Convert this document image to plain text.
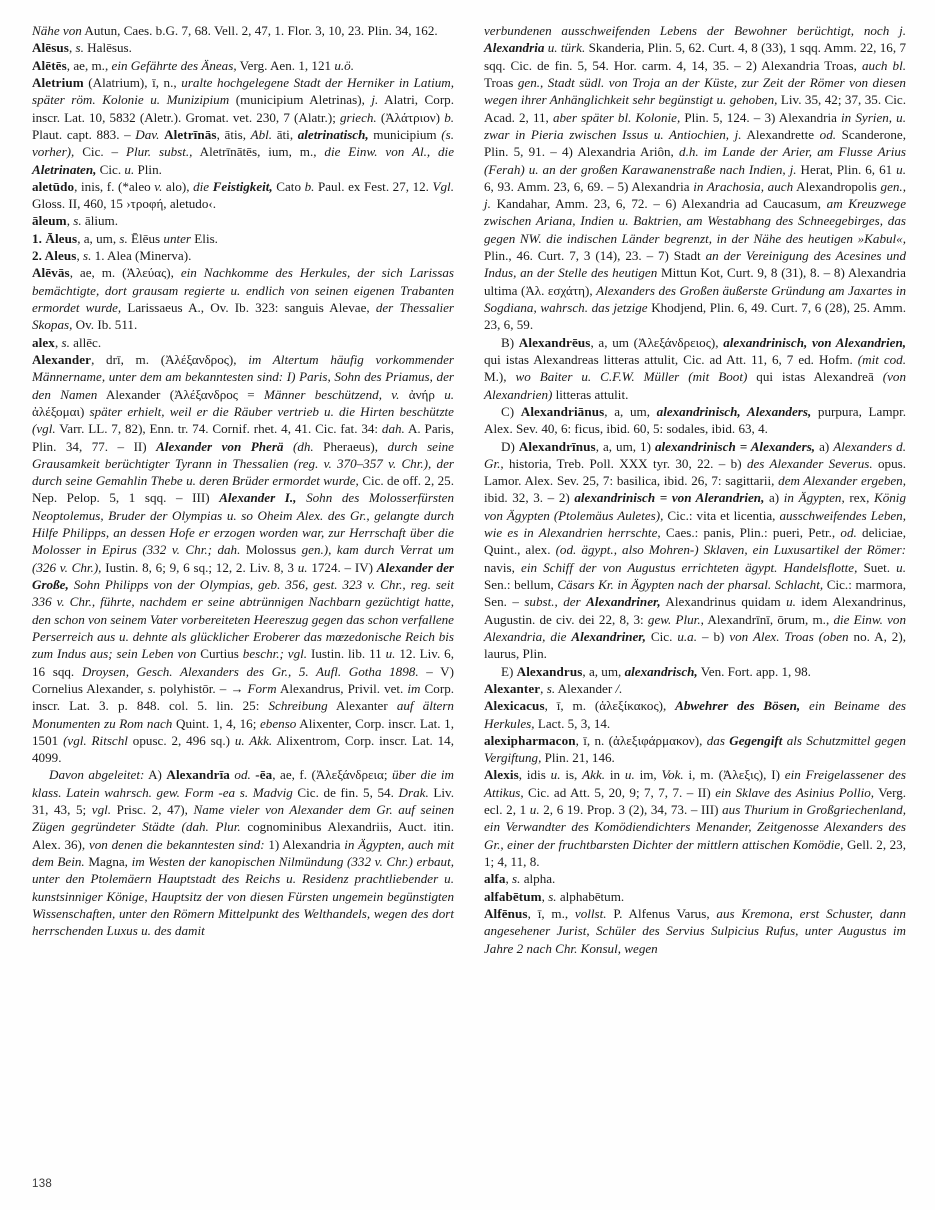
Nähe von Autun, Caes. b.G. 7, 68. Vell. 2, 47, 1. Flor. 3, 10, 23. Plin. 34, 162.

Alēsus, s. Halēsus.

Alētēs, ae, m., ein Gefährte des Äneas, Verg. Aen. 1, 121 u.ö.

Aletrium (Alatrium), ī, n., uralte hochgelegene Stadt der Herniker in Latium, später röm. Kolonie u. Munizipium (municipium Aletrinas), j. Alatri, Corp. inscr. Lat. 10, 5832 (Aletr.). Gromat. vet. 230, 7 (Alatr.); griech. (Ἀλάτριον) b. Plaut. capt. 883. – Dav. Aletrīnās, ātis, Abl. āti, aletrinatisch, municipium (s. vorher), Cic. – Plur. subst., Aletrīnātēs, ium, m., die Einw. von Al., die Aletrinaten, Cic. u. Plin.

aletūdo, inis, f. (*aleo v. alo), die Feistigkeit, Cato b. Paul. ex Fest. 27, 12. Vgl. Gloss. II, 460, 15 ›τροφή, aletudo‹.

āleum, s. ālium.

1. Āleus, a, um, s. Ēlēus unter Elis.

2. Aleus, s. 1. Alea (Minerva).

Alēvās, ae, m. (Ἀλεύας), ein Nachkomme des Herkules, der sich Larissas bemächtigte, dort grausam regierte u. endlich von seinen eigenen Trabanten ermordet wurde, Larissaeus A., Ov. Ib. 323: sanguis Alevae, der Thessalier Skopas, Ov. Ib. 511.

alex, s. allēc.

Alexander, drī, m. (Ἀλέξανδρος), im Altertum häufig vorkommender Männername, unter dem am bekanntesten sind: I) Paris, Sohn des Priamus, der den Namen Alexander (Ἀλέξανδρος = Männer beschützend, v. ἀνήρ u. ἀλέξομαι) später erhielt, weil er die Räuber vertrieb u. die Hirten beschützte (vgl. Varr. LL. 7, 82), Enn. tr. 74. Cornif. rhet. 4, 41. Cic. fat. 34: dah. A. Paris, Plin. 34, 77. – II) Alexander von Pherä (dh. Pheraeus), durch seine Grausamkeit berüchtigter Tyrann in Thessalien (reg. v. 370–357 v. Chr.), der durch seine Gemahlin Thebe u. deren Brüder ermordet wurde, Cic. de off. 2, 25. Nep. Pelop. 5, 1 sqq. – III) Alexander I., Sohn des Molosserfürsten Neoptolemus, Bruder der Olympias u. so Oheim Alex. des Gr., gelangte durch Hilfe Philipps, an dessen Hofe er erzogen worden war, zur Herrschaft über die Molosser in Epirus (332 v. Chr.; dah. Molossus gen.), kam durch Verrat um (326 v. Chr.), Iustin. 8, 6; 9, 6 sq.; 12, 2. Liv. 8, 3 u. 1724. – IV) Alexander der Große, Sohn Philipps von der Olympias, geb. 356, gest. 323 v. Chr., reg. seit 336 v. Chr., führte, nachdem er seine abtrünnigen Nachbarn gezüchtigt hatte, den schon von seinem Vater vorbereiteten Heereszug gegen das schon verfallene Perserreich aus u. dehnte als glücklicher Eroberer das mœzedonische Reich bis zum Indus aus; sein Leben von Curtius beschr.; vgl. Iustin. lib. 11 u. 12. Liv. 6, 16 sqq. Droysen, Gesch. Alexanders des Gr., 5. Aufl. Gotha 1898. – V) Cornelius Alexander, s. polyhistōr. – → Form Alexandrus, Privil. vet. im Corp. inscr. Lat. 3. p. 848. col. 5. lin. 25: Schreibung Alexanter auf ältern Monumenten zu Rom nach Quint. 1, 4, 16; ebenso Alixenter, Corp. inscr. Lat. 1, 1501 (vgl. Ritschl opusc. 2, 496 sq.) u. Akk. Alixentrom, Corp. inscr. Lat. 14, 4099.

Davon abgeleitet: A) Alexandrīa od. -ēa, ae, f. (Ἀλεξάνδρεια; über die im klass. Latein wahrsch. gew. Form -ea s. Madvig Cic. de fin. 5, 54. Drak. Liv. 31, 43, 5; vgl. Prisc. 2, 47), Name vieler von Alexander dem Gr. auf seinen Zügen gegründeter Städte (dah. Plur. cognominibus Alexandriis, Auct. itin. Alex. 36), von denen die bekanntesten sind: 1) Alexandria in Ägypten, auch mit dem Bein. Magna, im Westen der kanopischen Nilmündung (332 v. Chr.) erbaut, unter den Ptolemäern Hauptstadt des Reichs u. Residenz prachtliebender u. kunstsinniger Könige, Hauptsitz der von diesen Fürsten ungemein begünstigten Wissenschaften, unter den Römern Mittelpunkt des Welthandels, wegen des dort herrschenden Luxus u. des damit

verbundenen ausschweifenden Lebens der Bewohner berüchtigt, noch j. Alexandria u. türk. Skanderia, Plin. 5, 62. Curt. 4, 8 (33), 1 sqq. Amm. 22, 16, 7 sqq. Cic. de fin. 5, 54. Hor. carm. 4, 14, 35. – 2) Alexandria Troas, auch bl. Troas gen., Stadt südl. von Troja an der Küste, zur Zeit der Römer von diesen wegen ihrer Anhänglichkeit sehr begünstigt u. gehoben, Liv. 35, 42; 37, 35. Cic. Acad. 2, 11, aber später bl. Kolonie, Plin. 5, 124. – 3) Alexandria in Syrien, u. zwar in Pieria zwischen Issus u. Antiochien, j. Alexandrette od. Scanderone, Plin. 5, 91. – 4) Alexandria Ariôn, d.h. im Lande der Arier, am Flusse Arius (Ferah) u. an der großen Karawanenstraße nach Indien, j. Herat, Plin. 6, 61 u. 6, 93. Amm. 23, 6, 69. – 5) Alexandria in Arachosia, auch Alexandropolis gen., j. Kandahar, Amm. 23, 6, 72. – 6) Alexandria ad Caucasum, am Kreuzwege zwischen Ariana, Indien u. Baktrien, am Westabhang des Schneegebirges, das gegen NW. die indischen Länder begrenzt, in der Nähe des heutigen »Kabul«, Plin., 46. Curt. 7, 3 (14), 23. – 7) Stadt an der Vereinigung des Acesines und Indus, an der Stelle des heutigen Mittun Kot, Curt. 9, 8 (31), 8. – 8) Alexandria ultima (Ἀλ. εσχάτη), Alexanders des Großen äußerste Gründung am Jaxartes in Sogdiana, wahrsch. das jetzige Khodjend, Plin. 6, 49. Curt. 7, 6 (28), 25. Amm. 23, 6, 59.

B) Alexandrēus, a, um (Ἀλεξάνδρειος), alexandrinisch, von Alexandrien, qui istas Alexandreas litteras attulit, Cic. ad Att. 11, 6, 7 ed. Hofm. (mit cod. M.), wo Baiter u. C.F.W. Müller (mit Boot) qui istas Alexandreā (von Alexandrien) litteras attulit.

C) Alexandriānus, a, um, alexandrinisch, Alexanders, purpura, Lampr. Alex. Sev. 40, 6: ficus, ibid. 60, 5: sodales, ibid. 63, 4.

D) Alexandrīnus, a, um, 1) alexandrinisch = Alexanders, a) Alexanders d. Gr., historia, Treb. Poll. XXX tyr. 30, 22. – b) des Alexander Severus. opus. Lamor. Alex. Sev. 25, 7: basilica, ibid. 26, 7: sagittarii, dem Alexander ergeben, ibid. 32, 3. – 2) alexandrinisch = von Alerandrien, a) in Ägypten, rex, König von Ägypten (Ptolemäus Auletes), Cic.: vita et licentia, ausschweifendes Leben, wie es in Alexandrien herrschte, Caes.: panis, Plin.: pueri, Petr., od. deliciae, Quint., alex. (od. ägypt., also Mohren-) Sklaven, ein Luxusartikel der Römer: navis, ein Schiff der von Augustus errichteten ägypt. Handelsflotte, Suet. u. Sen.: bellum, Cäsars Kr. in Ägypten nach der pharsal. Schlacht, Cic.: marmora, Sen. – subst., der Alexandriner, Alexandrinus quidam u. idem Alexandrinus, Augustin. de civ. dei 22, 8, 3: gew. Plur., Alexandrīnī, ōrum, m., die Einw. von Alexandria, die Alexandriner, Cic. u.a. – b) von Alex. Troas (oben no. A, 2), laurus, Plin.

E) Alexandrus, a, um, alexandrisch, Ven. Fort. app. 1, 98.

Alexanter, s. Alexander /.

Alexicacus, ī, m. (ἀλεξίκακος), Abwehrer des Bösen, ein Beiname des Herkules, Lact. 5, 3, 14.

alexipharmacon, ī, n. (ἀλεξιφάρμακον), das Gegengift als Schutzmittel gegen Vergiftung, Plin. 21, 146.

Alexis, idis u. is, Akk. in u. im, Vok. i, m. (Ἀλεξις), I) ein Freigelassener des Attikus, Cic. ad Att. 5, 20, 9; 7, 7, 7. – II) ein Sklave des Asinius Pollio, Verg. ecl. 2, 1 u. 2, 6 19. Prop. 3 (2), 34, 73. – III) aus Thurium in Großgriechenland, ein Verwandter des Komödiendichters Menander, Zeitgenosse Alexanders des Gr., einer der fruchtbarsten Dichter der mittlern attischen Komödie, Gell. 2, 23, 1; 4, 11, 8.

alfa, s. alpha.

alfabētum, s. alphabētum.

Alfēnus, ī, m., vollst. P. Alfenus Varus, aus Kremona, erst Schuster, dann angesehener Jurist, Schüler des Servius Sulpicius Rufus, unter Augustus im Jahre 2 nach Chr. Konsul, wegen

138
